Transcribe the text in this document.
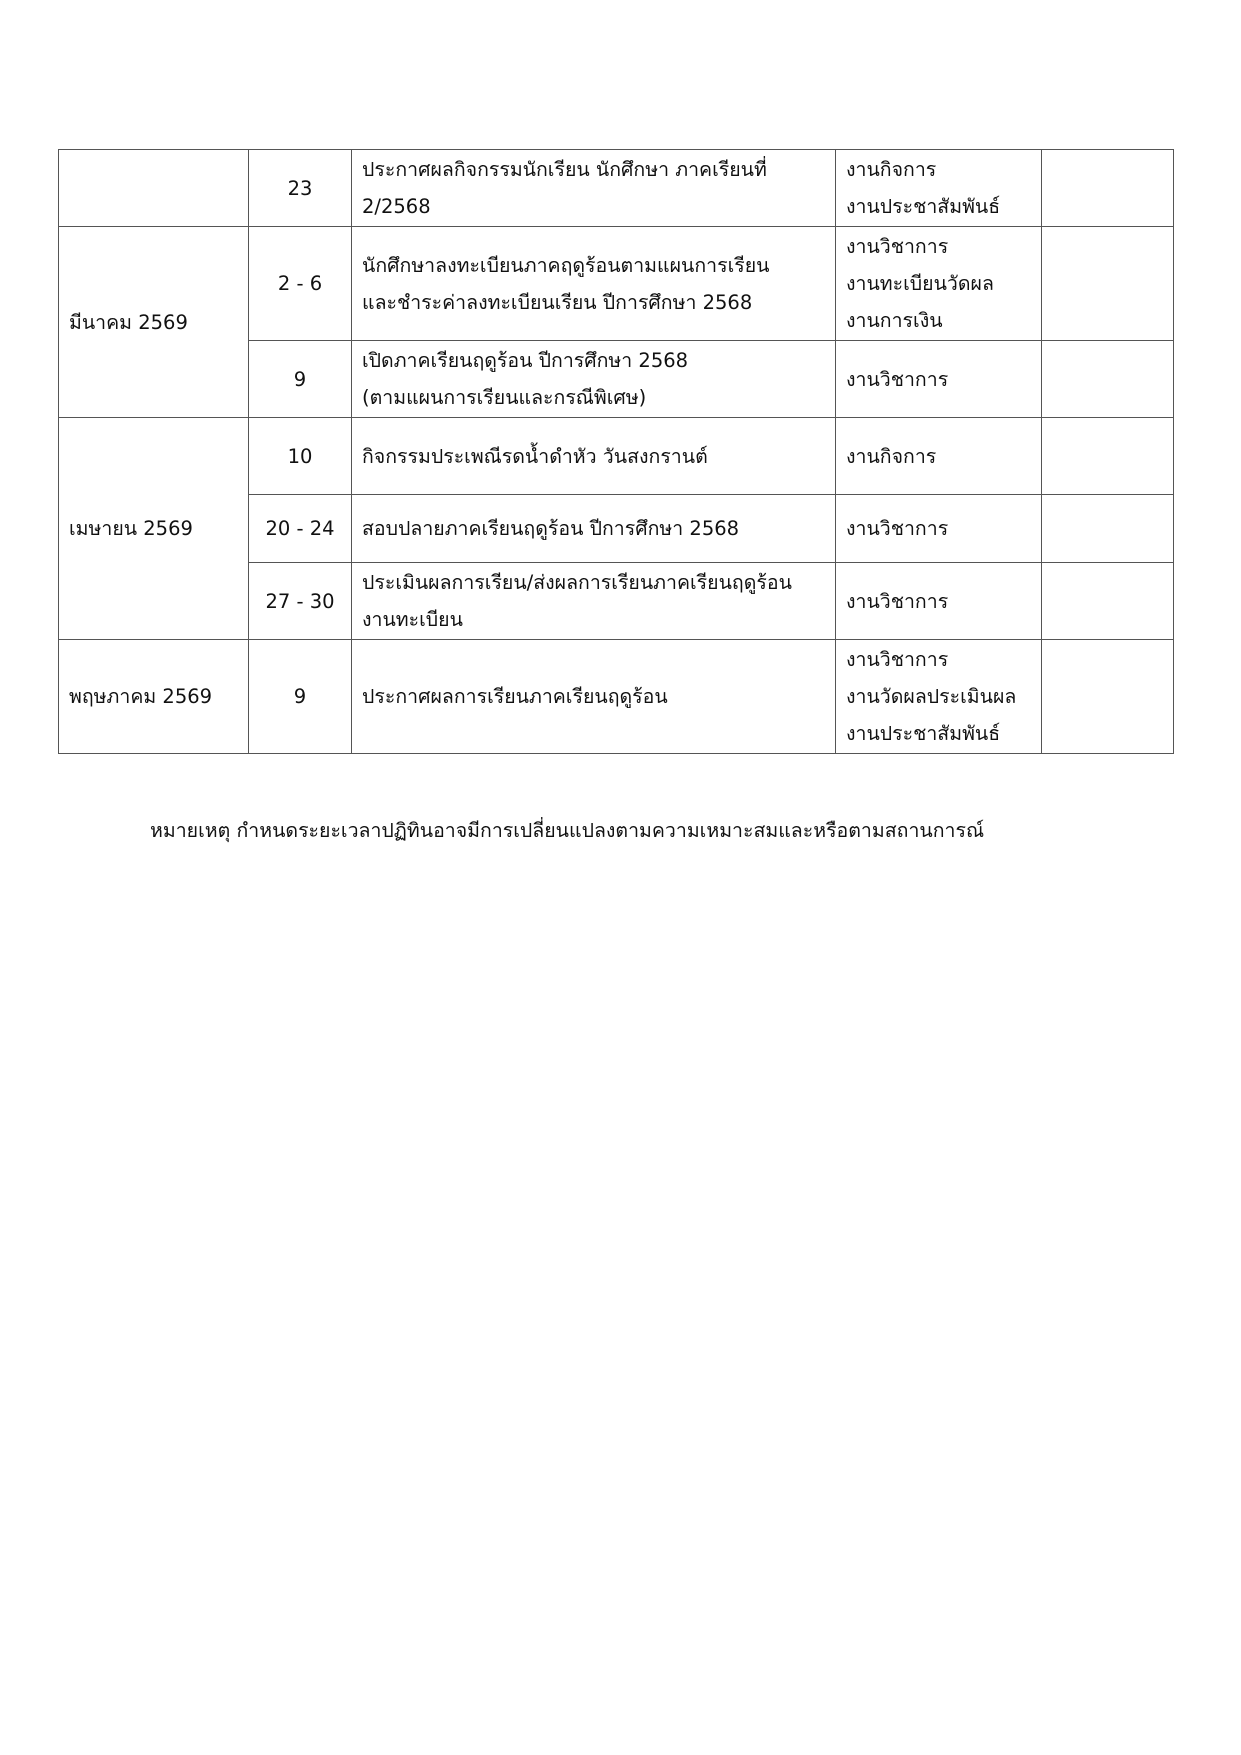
	23	ประกาศผลกิจกรรมนักเรียน นักศึกษา ภาคเรียนที่
2/2568	งานกิจการ
งานประชาสัมพันธ์	

มีนาคม 2569	2 - 6	นักศึกษาลงทะเบียนภาคฤดูร้อนตามแผนการเรียน
และชำระค่าลงทะเบียนเรียน ปีการศึกษา 2568	งานวิชาการ
งานทะเบียนวัดผล
งานการเงิน	

	9	เปิดภาคเรียนฤดูร้อน ปีการศึกษา 2568
(ตามแผนการเรียนและกรณีพิเศษ)	งานวิชาการ	

เมษายน 2569	10	กิจกรรมประเพณีรดน้ำดำหัว วันสงกรานต์	งานกิจการ	

	20 - 24	สอบปลายภาคเรียนฤดูร้อน ปีการศึกษา 2568	งานวิชาการ	

	27 - 30	ประเมินผลการเรียน/ส่งผลการเรียนภาคเรียนฤดูร้อน
งานทะเบียน	งานวิชาการ	

พฤษภาคม 2569	9	ประกาศผลการเรียนภาคเรียนฤดูร้อน	งานวิชาการ
งานวัดผลประเมินผล
งานประชาสัมพันธ์	

หมายเหตุ กำหนดระยะเวลาปฏิทินอาจมีการเปลี่ยนแปลงตามความเหมาะสมและหรือตามสถานการณ์
